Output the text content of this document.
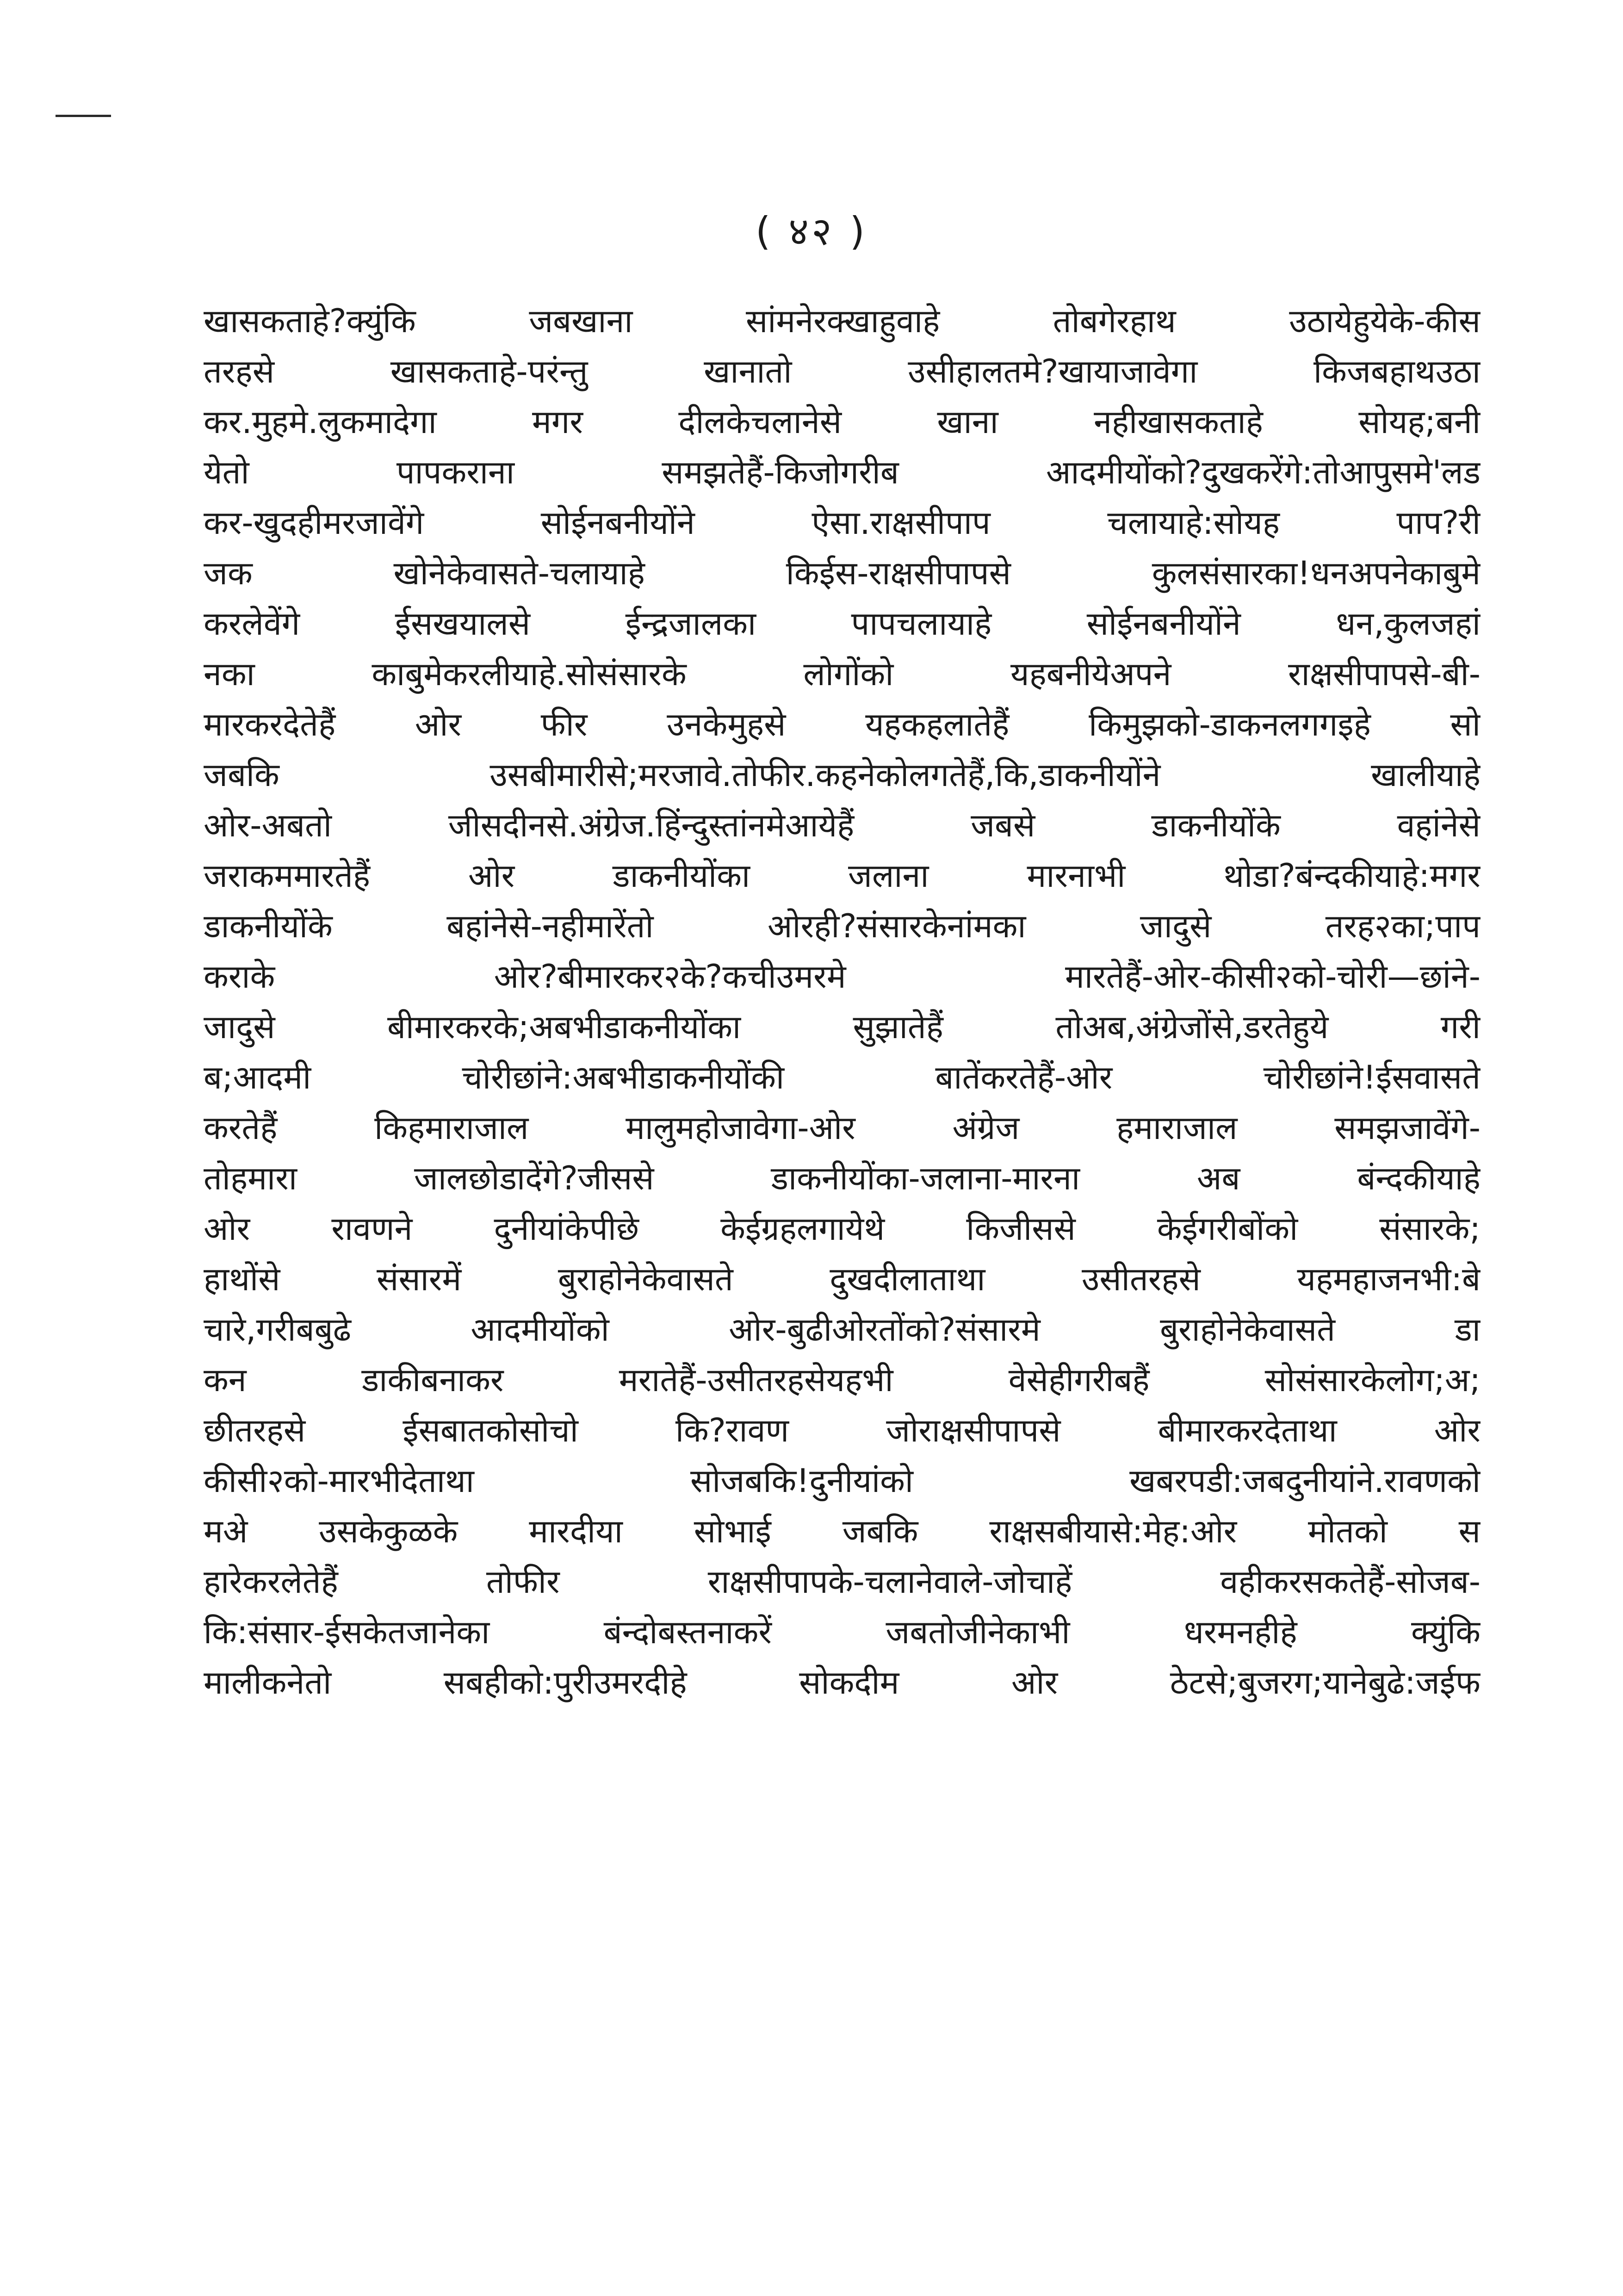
( ४२ )
खासकताहे?क्युंकि जबखाना सांमनेरक्खाहुवाहे तोबगेरहाथ उठायेहुयेके-कीस
तरहसे खासकताहे-परंन्तु खानातो उसीहालतमे?खायाजावेगा किजबहाथउठा
कर.मुहमे.लुकमादेगा मगर दीलकेचलानेसे खाना नहीखासकताहे सोयह;बनी
येतो पापकराना समझतेहैं-किजोगरीब आदमीयोंको?दुखकरेंगे:तोआपुसमे'लड
कर-खुदहीमरजावेंगे सोईनबनीयोंने ऐसा.राक्षसीपाप चलायाहे:सोयह पाप?री
जक खोनेकेवासते-चलायाहे किईस-राक्षसीपापसे कुलसंसारका!धनअपनेकाबुमे
करलेवेंगे ईसखयालसे ईन्द्रजालका पापचलायाहे सोईनबनीयोंने धन,कुलजहां
नका काबुमेकरलीयाहे.सोसंसारके लोगोंको यहबनीयेअपने राक्षसीपापसे-बी-
मारकरदेतेहैं ओर फीर उनकेमुहसे यहकहलातेहैं किमुझको-डाकनलगगइहे सो
जबकि उसबीमारीसे;मरजावे.तोफीर.कहनेकोलगतेहैं,कि,डाकनीयोंने खालीयाहे
ओर-अबतो जीसदीनसे.अंग्रेज.हिंन्दुस्तांनमेआयेहैं जबसे डाकनीयोंके वहांनेसे
जराकममारतेहैं ओर डाकनीयोंका जलाना मारनाभी थोडा?बंन्दकीयाहे:मगर
डाकनीयोंके बहांनेसे-नहीमारेंतो ओरही?संसारकेनांमका जादुसे तरह२का;पाप
कराके ओर?बीमारकर२के?कचीउमरमे मारतेहैं-ओर-कीसी२को-चोरी—छांने-
जादुसे बीमारकरके;अबभीडाकनीयोंका सुझातेहैं तोअब,अंग्रेजोंसे,डरतेहुये गरी
ब;आदमी चोरीछांने:अबभीडाकनीयोंकी बातेंकरतेहैं-ओर चोरीछांने!ईसवासते
करतेहैं किहमाराजाल मालुमहोजावेगा-ओर अंग्रेज हमाराजाल समझजावेंगे-
तोहमारा जालछोडादेंगे?जीससे डाकनीयोंका-जलाना-मारना अब बंन्दकीयाहे
ओर रावणने दुनीयांकेपीछे केईग्रहलगायेथे किजीससे केईगरीबोंको संसारके;
हाथोंसे संसारमें बुराहोनेकेवासते दुखदीलाताथा उसीतरहसे यहमहाजनभी:बे
चारे,गरीबबुढे आदमीयोंको ओर-बुढीओरतोंको?संसारमे बुराहोनेकेवासते डा
कन डाकीबनाकर मरातेहैं-उसीतरहसेयहभी वेसेहीगरीबहैं सोसंसारकेलोग;अ;
छीतरहसे ईसबातकोसोचो कि?रावण जोराक्षसीपापसे बीमारकरदेताथा ओर
कीसी२को-मारभीदेताथा सोजबकि!दुनीयांको खबरपडी:जबदुनीयांने.रावणको
मअे उसकेकुळके मारदीया सोभाई जबकि राक्षसबीयासे:मेह:ओर मोतको स
हारेकरलेतेहैं तोफीर राक्षसीपापके-चलानेवाले-जोचाहें वहीकरसकतेहैं-सोजब-
कि:संसार-ईसकेतजानेका बंन्दोबस्तनाकरें जबतोजीनेकाभी धरमनहीहे क्युंकि
मालीकनेतो सबहीको:पुरीउमरदीहे सोकदीम ओर ठेटसे;बुजरग;यानेबुढे:जईफ
